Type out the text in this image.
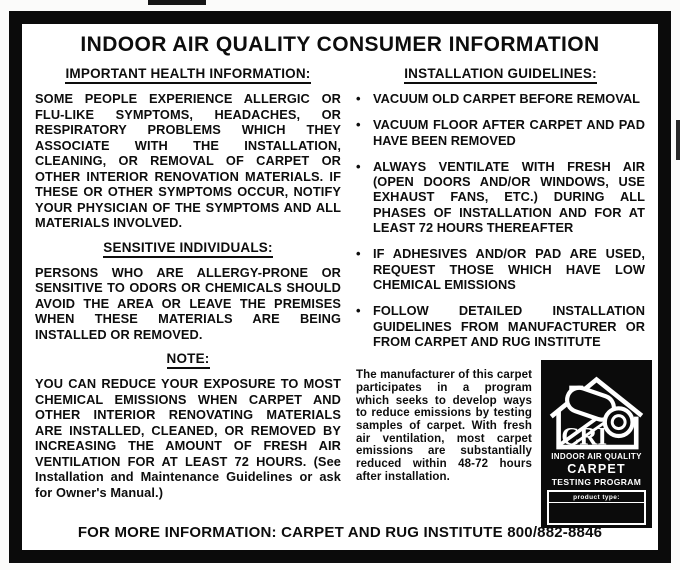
INDOOR AIR QUALITY CONSUMER INFORMATION
IMPORTANT HEALTH INFORMATION:

SOME PEOPLE EXPERIENCE ALLERGIC OR FLU-LIKE SYMPTOMS, HEADACHES, OR RESPIRATORY PROBLEMS WHICH THEY ASSOCIATE WITH THE INSTALLATION, CLEANING, OR REMOVAL OF CARPET OR OTHER INTERIOR RENOVATION MATERIALS. IF THESE OR OTHER SYMPTOMS OCCUR, NOTIFY YOUR PHYSICIAN OF THE SYMPTOMS AND ALL MATERIALS INVOLVED.

SENSITIVE INDIVIDUALS:

PERSONS WHO ARE ALLERGY-PRONE OR SENSITIVE TO ODORS OR CHEMICALS SHOULD AVOID THE AREA OR LEAVE THE PREMISES WHEN THESE MATERIALS ARE BEING INSTALLED OR REMOVED.

NOTE:

YOU CAN REDUCE YOUR EXPOSURE TO MOST CHEMICAL EMISSIONS WHEN CARPET AND OTHER INTERIOR RENOVATING MATERIALS ARE INSTALLED, CLEANED, OR REMOVED BY INCREASING THE AMOUNT OF FRESH AIR VENTILATION FOR AT LEAST 72 HOURS. (See Installation and Maintenance Guidelines or ask for Owner's Manual.)

INSTALLATION GUIDELINES:
• VACUUM OLD CARPET BEFORE REMOVAL
• VACUUM FLOOR AFTER CARPET AND PAD HAVE BEEN REMOVED
• ALWAYS VENTILATE WITH FRESH AIR (OPEN DOORS AND/OR WINDOWS, USE EXHAUST FANS, ETC.) DURING ALL PHASES OF INSTALLATION AND FOR AT LEAST 72 HOURS THEREAFTER
• IF ADHESIVES AND/OR PAD ARE USED, REQUEST THOSE WHICH HAVE LOW CHEMICAL EMISSIONS
• FOLLOW DETAILED INSTALLATION GUIDELINES FROM MANUFACTURER OR FROM CARPET AND RUG INSTITUTE

The manufacturer of this carpet participates in a program which seeks to develop ways to reduce emissions by testing samples of carpet. With fresh air ventilation, most carpet emissions are substantially reduced within 48-72 hours after installation.

CRI
INDOOR AIR QUALITY
CARPET
TESTING PROGRAM
product type:
FOR MORE INFORMATION: CARPET AND RUG INSTITUTE 800/882-8846
